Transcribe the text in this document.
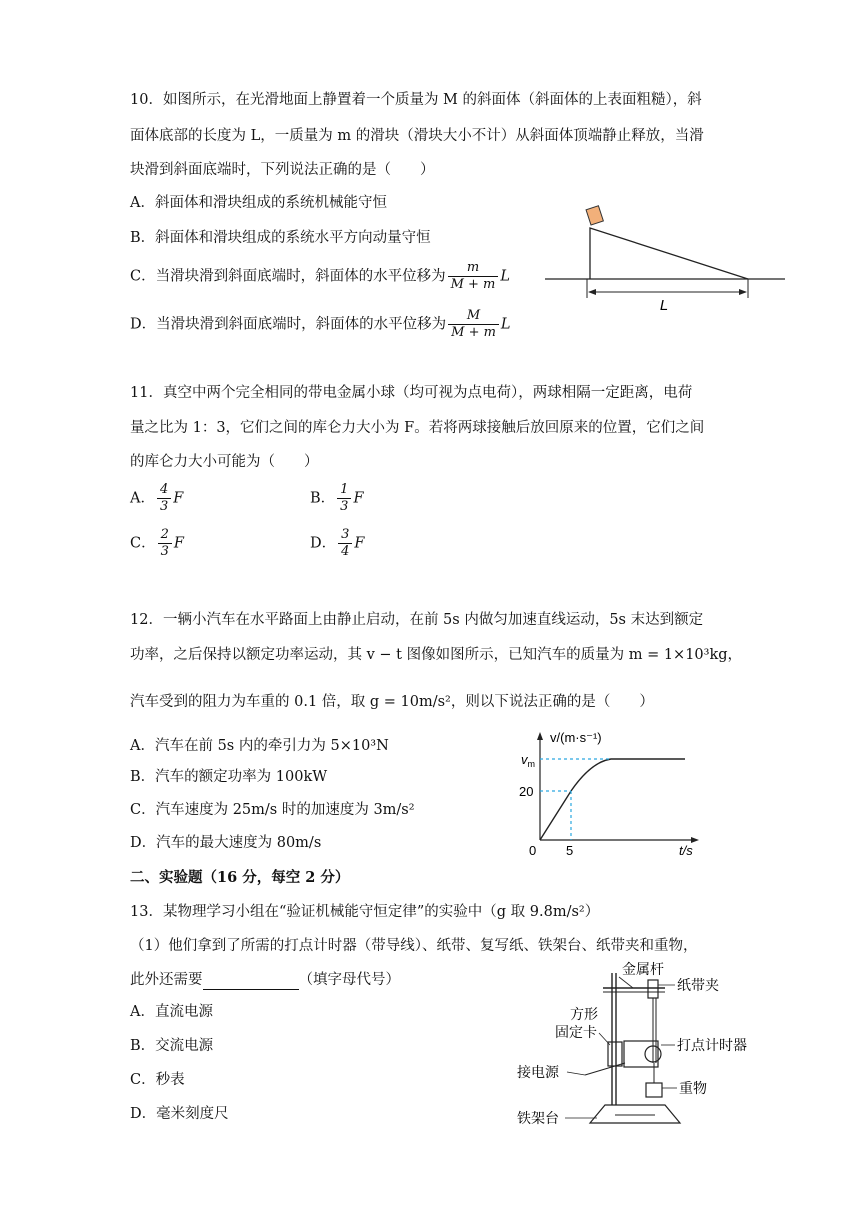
10．如图所示，在光滑地面上静置着一个质量为 M 的斜面体（斜面体的上表面粗糙），斜
面体底部的长度为 L，一质量为 m 的滑块（滑块大小不计）从斜面体顶端静止释放，当滑
块滑到斜面底端时，下列说法正确的是（　　）
A．斜面体和滑块组成的系统机械能守恒
B．斜面体和滑块组成的系统水平方向动量守恒
C．当滑块滑到斜面底端时，斜面体的水平位移为 $\frac{m}{M + m}$ L
D．当滑块滑到斜面底端时，斜面体的水平位移为 $\frac{M}{M + m}$ L
L
11．真空中两个完全相同的带电金属小球（均可视为点电荷），两球相隔一定距离，电荷
量之比为 1：3，它们之间的库仑力大小为 F。若将两球接触后放回原来的位置，它们之间
的库仑力大小可能为（　　）
A． $\frac{4}{3}$ F	B． $\frac{1}{3}$ F
C． $\frac{2}{3}$ F	D． $\frac{3}{4}$ F
12．一辆小汽车在水平路面上由静止启动，在前 5s 内做匀加速直线运动，5s 末达到额定
功率，之后保持以额定功率运动，其 v − t 图像如图所示，已知汽车的质量为 m = 1×10³kg，
汽车受到的阻力为车重的 0.1 倍，取 g = 10m/s²，则以下说法正确的是（　　）
A．汽车在前 5s 内的牵引力为 5×10³N
B．汽车的额定功率为 100kW
C．汽车速度为 25m/s 时的加速度为 3m/s²
D．汽车的最大速度为 80m/s
v/(m·s⁻¹)
$v_m$
20
0 5	t/s
二、实验题（16 分，每空 2 分）
13．某物理学习小组在“验证机械能守恒定律”的实验中（g 取 9.8m/s²）
（1）他们拿到了所需的打点计时器（带导线）、纸带、复写纸、铁架台、纸带夹和重物，
此外还需要	（填字母代号）
A．直流电源
B．交流电源
C．秒表
D．毫米刻度尺
金属杆
纸带夹
方形
固定卡
打点计时器
接电源
重物
铁架台
